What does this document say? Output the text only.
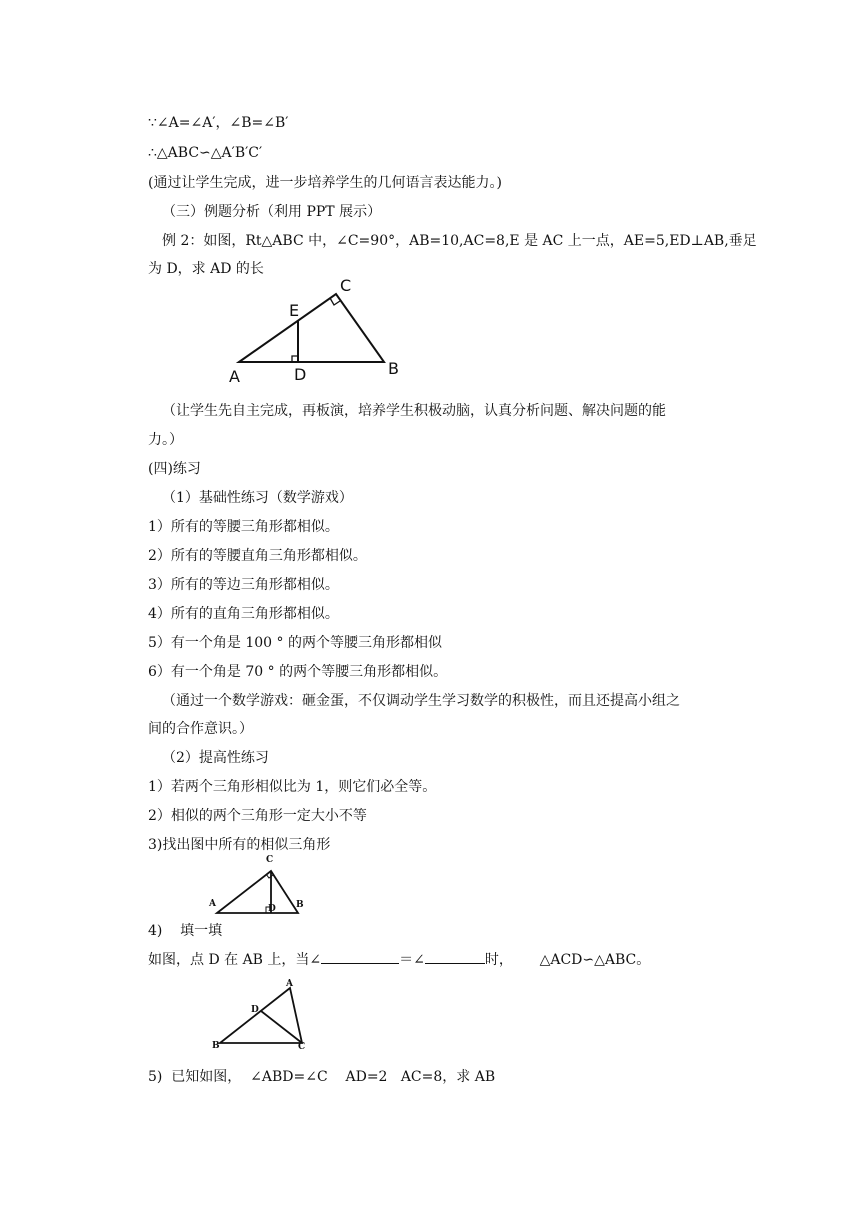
∵∠A=∠A′，∠B=∠B′
∴△ABC∽△A′B′C′
(通过让学生完成，进一步培养学生的几何语言表达能力。)
（三）例题分析（利用 PPT 展示）
例 2：如图，Rt△ABC 中，∠C=90°，AB=10,AC=8,E 是 AC 上一点，AE=5,ED⊥AB,垂足
为 D，求 AD 的长
A	B
C
D
E
（让学生先自主完成，再板演，培养学生积极动脑，认真分析问题、解决问题的能
力。）
(四)练习
（1）基础性练习（数学游戏）
1）所有的等腰三角形都相似。
2）所有的等腰直角三角形都相似。
3）所有的等边三角形都相似。
4）所有的直角三角形都相似。
5）有一个角是 100 ° 的两个等腰三角形都相似
6）有一个角是 70 ° 的两个等腰三角形都相似。
（通过一个数学游戏：砸金蛋，不仅调动学生学习数学的积极性，而且还提高小组之
间的合作意识。）
（2）提高性练习
1）若两个三角形相似比为 1，则它们必全等。
2）相似的两个三角形一定大小不等
3)找出图中所有的相似三角形
A	B
C
D
4)    填一填
如图，点 D 在 AB 上，当∠	＝∠	时，      △ACD∽△ABC。
A
B	C
D
5)  已知如图，  ∠ABD=∠C    AD=2   AC=8，求 AB
